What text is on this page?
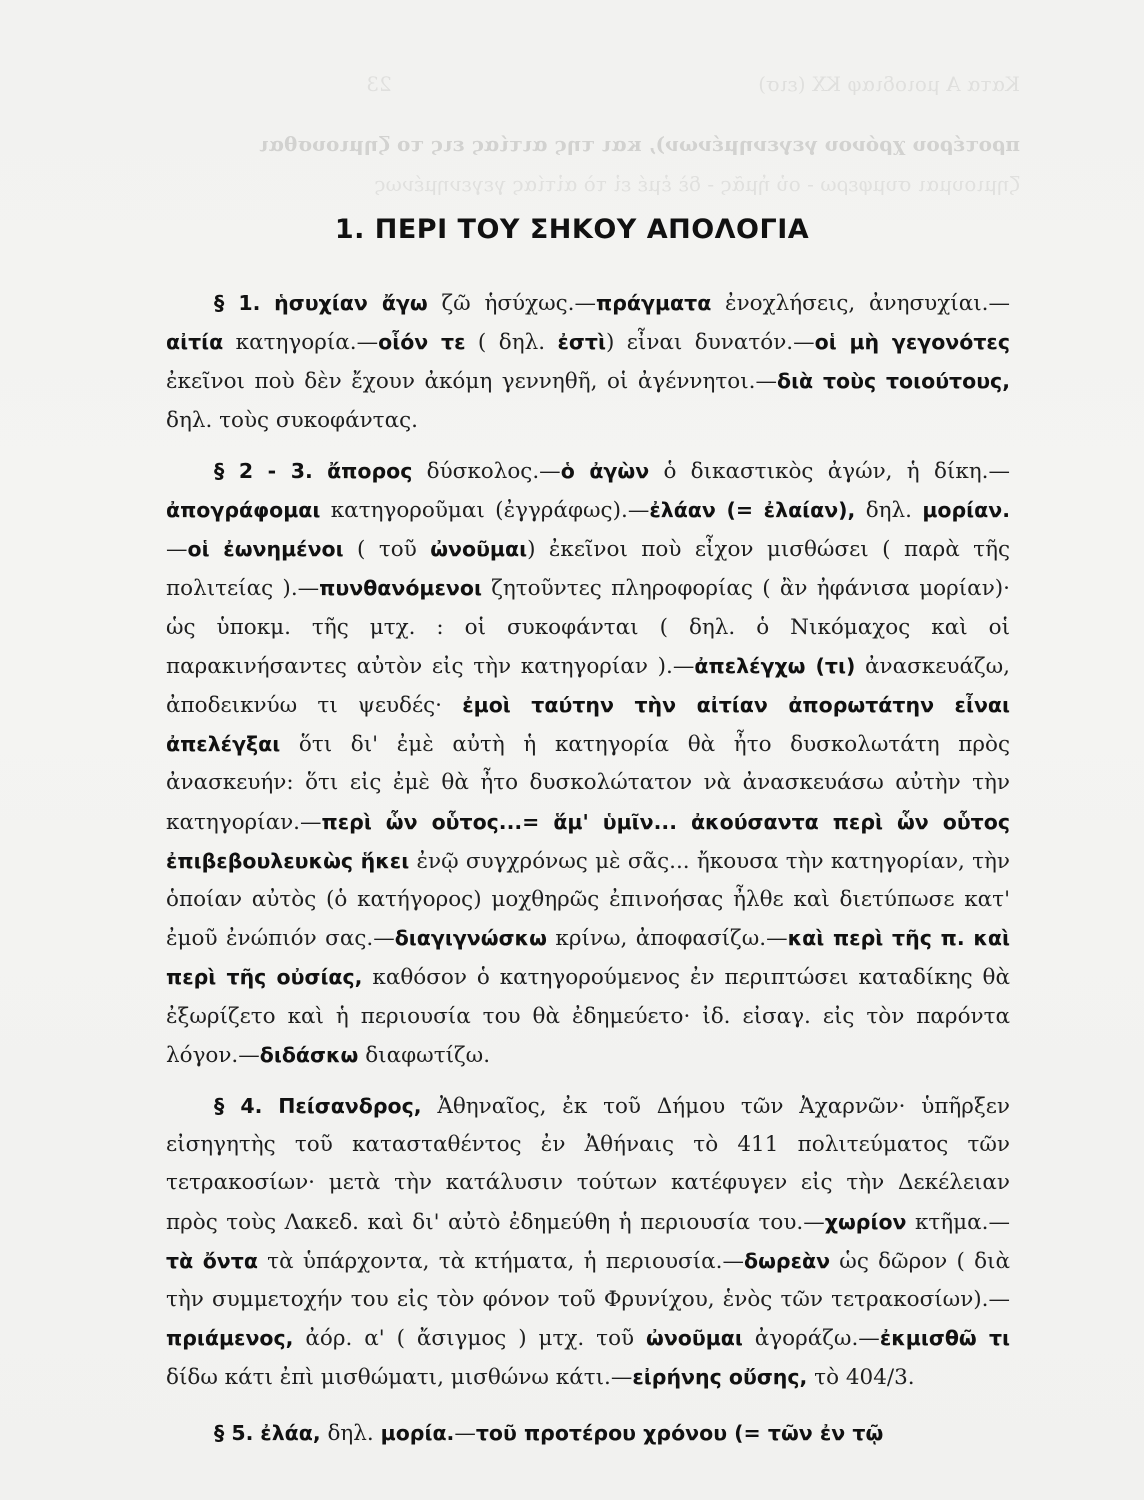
Κατα Α μοιοδιαφ ΚΧ (εισ) 23
προτέρου χρόνου γεγενημένων), και της αιτίας εις το ζημιουσθαι
ζημιουμαι συμφερω - οὐ ἡμᾶς - δὲ ἐμέ εἰ τὸ αἰτίας γεγενημένως
1. ΠΕΡΙ ΤΟΥ ΣΗΚΟΥ ΑΠΟΛΟΓΙΑ

§ 1. ἡσυχίαν ἄγω ζῶ ἡσύχως.—πράγματα ἐνοχλήσεις, ἀνησυχίαι.—αἰτία κατηγορία.—οἷόν τε ( δηλ. ἐστὶ) εἶναι δυνατόν.—οἱ μὴ γεγονότες ἐκεῖνοι ποὺ δὲν ἔχουν ἀκόμη γεννηθῆ, οἱ ἀγέννητοι.—διὰ τοὺς τοιούτους, δηλ. τοὺς συκοφάντας.

§ 2 - 3. ἄπορος δύσκολος.—ὁ ἀγὼν ὁ δικαστικὸς ἀγών, ἡ δίκη.—ἀπογράφομαι κατηγοροῦμαι (ἐγγράφως).—ἐλάαν (= ἐλαίαν), δηλ. μορίαν.—οἱ ἐωνημένοι ( τοῦ ὠνοῦμαι) ἐκεῖνοι ποὺ εἶχον μισθώσει ( παρὰ τῆς πολιτείας ).—πυνθανόμενοι ζητοῦντες πληροφορίας ( ἂν ἠφάνισα μορίαν)· ὡς ὑποκμ. τῆς μτχ. : οἱ συκοφάνται ( δηλ. ὁ Νικόμαχος καὶ οἱ παρακινήσαντες αὐτὸν εἰς τὴν κατηγορίαν ).—ἀπελέγχω (τι) ἀνασκευάζω, ἀποδεικνύω τι ψευδές· ἐμοὶ ταύτην τὴν αἰτίαν ἀπορωτάτην εἶναι ἀπελέγξαι ὅτι δι' ἐμὲ αὐτὴ ἡ κατηγορία θὰ ἦτο δυσκολωτάτη πρὸς ἀνασκευήν: ὅτι εἰς ἐμὲ θὰ ἦτο δυσκολώτατον νὰ ἀνασκευάσω αὐτὴν τὴν κατηγορίαν.—περὶ ὧν οὗτος...= ἅμ' ὑμῖν... ἀκούσαντα περὶ ὧν οὗτος ἐπιβεβουλευκὼς ἥκει ἐνῷ συγχρόνως μὲ σᾶς... ἤκουσα τὴν κατηγορίαν, τὴν ὁποίαν αὐτὸς (ὁ κατήγορος) μοχθηρῶς ἐπινοήσας ἦλθε καὶ διετύπωσε κατ' ἐμοῦ ἐνώπιόν σας.—διαγιγνώσκω κρίνω, ἀποφασίζω.—καὶ περὶ τῆς π. καὶ περὶ τῆς οὐσίας, καθόσον ὁ κατηγορούμενος ἐν περιπτώσει καταδίκης θὰ ἐξωρίζετο καὶ ἡ περιουσία του θὰ ἐδημεύετο· ἰδ. εἰσαγ. εἰς τὸν παρόντα λόγον.—διδάσκω διαφωτίζω.

§ 4. Πείσανδρος, Ἀθηναῖος, ἐκ τοῦ Δήμου τῶν Ἀχαρνῶν· ὑπῆρξεν εἰσηγητὴς τοῦ κατασταθέντος ἐν Ἀθήναις τὸ 411 πολιτεύματος τῶν τετρακοσίων· μετὰ τὴν κατάλυσιν τούτων κατέφυγεν εἰς τὴν Δεκέλειαν πρὸς τοὺς Λακεδ. καὶ δι' αὐτὸ ἐδημεύθη ἡ περιουσία του.—χωρίον κτῆμα.—τὰ ὄντα τὰ ὑπάρχοντα, τὰ κτήματα, ἡ περιουσία.—δωρεὰν ὡς δῶρον ( διὰ τὴν συμμετοχήν του εἰς τὸν φόνον τοῦ Φρυνίχου, ἑνὸς τῶν τετρακοσίων).—πριάμενος, ἀόρ. α' ( ἄσιγμος ) μτχ. τοῦ ὠνοῦμαι ἀγοράζω.—ἐκμισθῶ τι δίδω κάτι ἐπὶ μισθώματι, μισθώνω κάτι.—εἰρήνης οὔσης, τὸ 404/3.

§ 5. ἐλάα, δηλ. μορία.—τοῦ προτέρου χρόνου (= τῶν ἐν τῷ
